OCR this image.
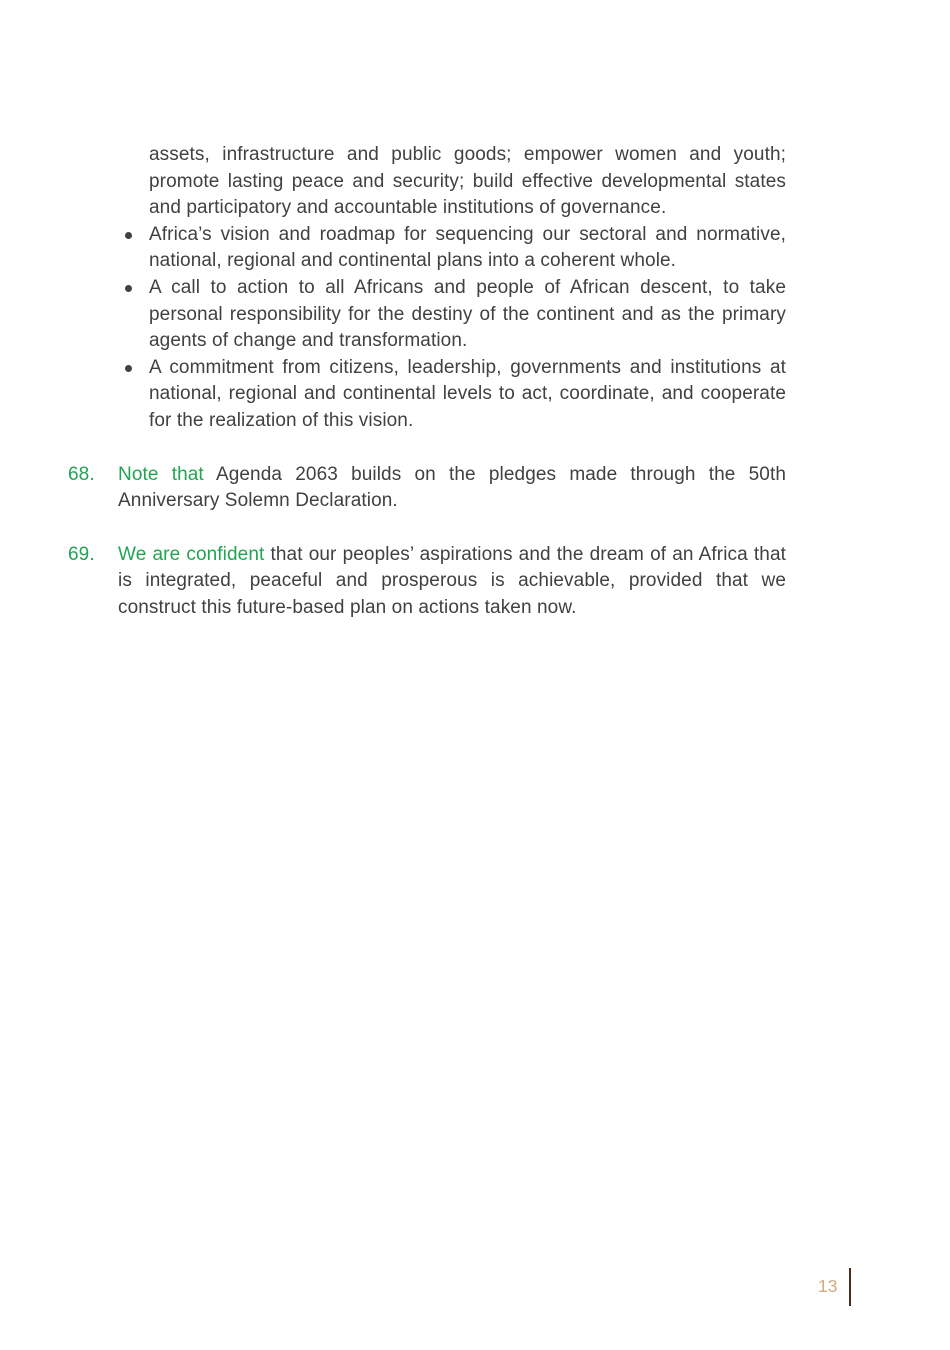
assets, infrastructure and public goods; empower women and youth; promote lasting peace and security; build effective developmental states and participatory and accountable institutions of governance.

Africa’s vision and roadmap for sequencing our sectoral and normative, national, regional and continental plans into a coherent whole.
A call to action to all Africans and people of African descent, to take personal responsibility for the destiny of the continent and as the primary agents of change and transformation.
A commitment from citizens, leadership, governments and institutions at national, regional and continental levels to act, coordinate, and cooperate for the realization of this vision.

68. Note that Agenda 2063 builds on the pledges made through the 50th Anniversary Solemn Declaration.

69. We are confident that our peoples’ aspirations and the dream of an Africa that is integrated, peaceful and prosperous is achievable, provided that we construct this future-based plan on actions taken now.

13
